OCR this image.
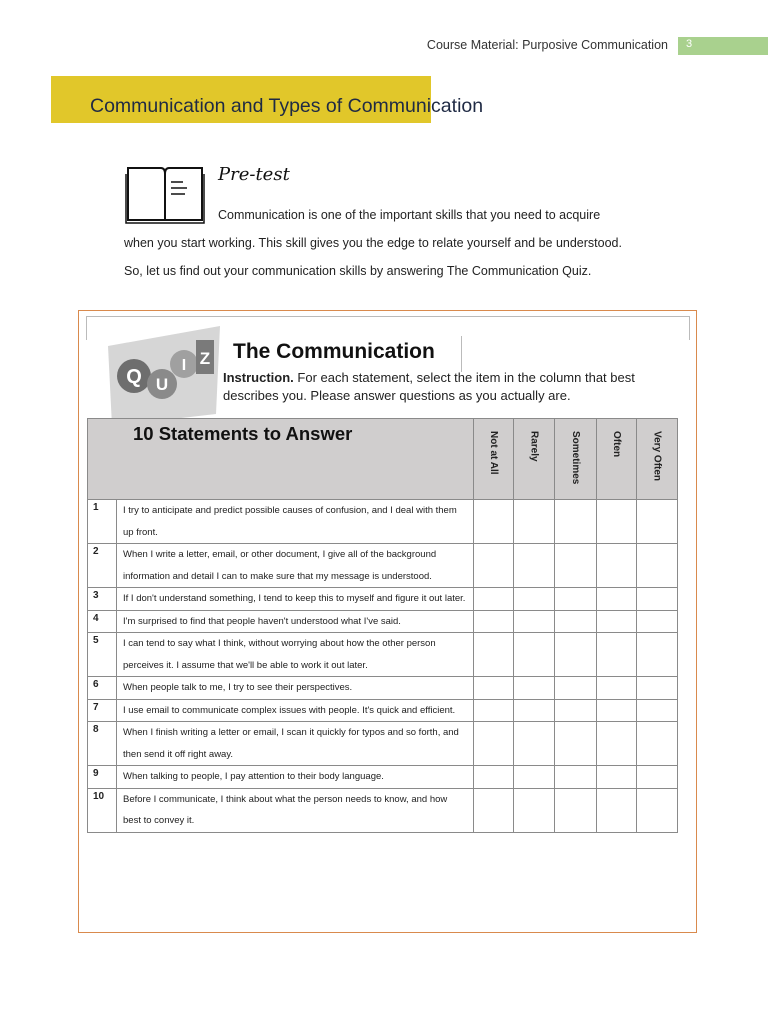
Course Material: Purposive Communication 3
Communication and Types of Communication
Pre-test
Communication is one of the important skills that you need to acquire
when you start working. This skill gives you the edge to relate yourself and be understood.
So, let us find out your communication skills by answering The Communication Quiz.
Q U
I Z The Communication
Instruction. For each statement, select the item in the column that best describes you. Please answer questions as you actually are.
10 Statements to Answer		Not at All	Rarely	Sometimes	Often	Very Often

1	I try to anticipate and predict possible causes of confusion, and I deal with them up front.					
2	When I write a letter, email, or other document, I give all of the background information and detail I can to make sure that my message is understood.					
3	If I don't understand something, I tend to keep this to myself and figure it out later.					
4	I'm surprised to find that people haven't understood what I've said.					
5	I can tend to say what I think, without worrying about how the other person perceives it. I assume that we'll be able to work it out later.					
6	When people talk to me, I try to see their perspectives.					
7	I use email to communicate complex issues with people. It's quick and efficient.					
8	When I finish writing a letter or email, I scan it quickly for typos and so forth, and then send it off right away.					
9	When talking to people, I pay attention to their body language.					
10	Before I communicate, I think about what the person needs to know, and how best to convey it.					
